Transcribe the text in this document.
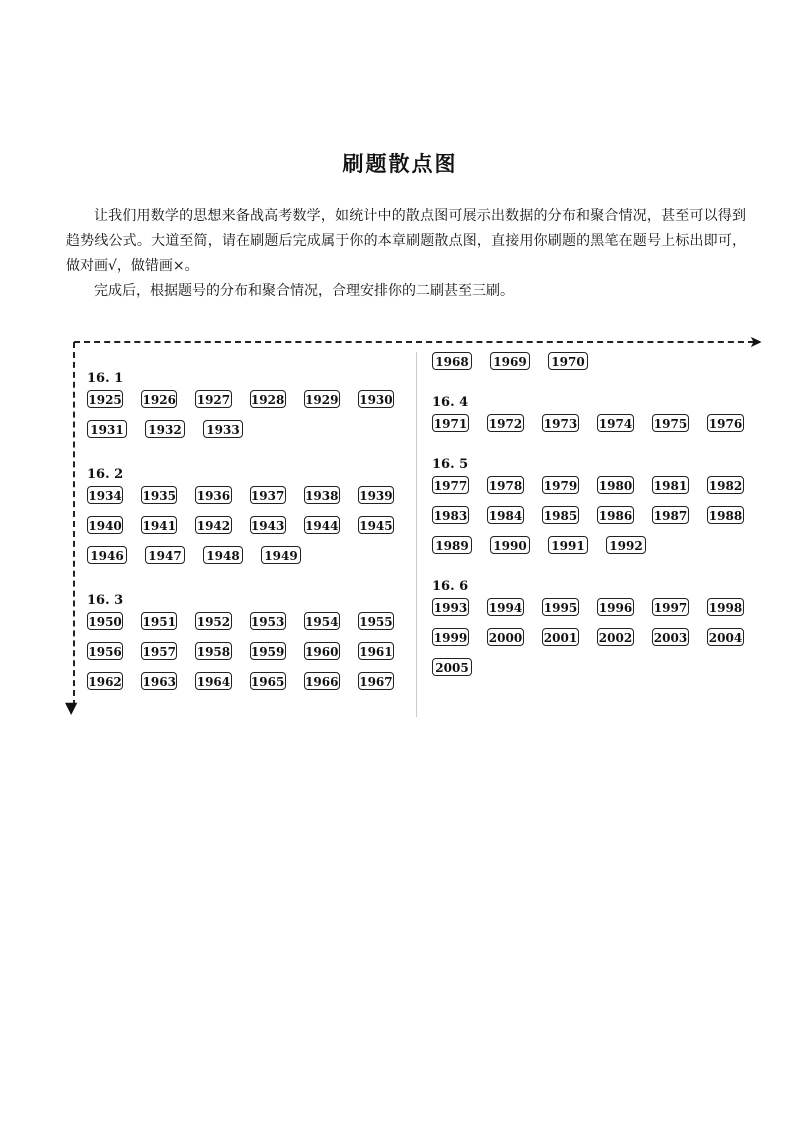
刷题散点图

让我们用数学的思想来备战高考数学，如统计中的散点图可展示出数据的分布和聚合情况，甚至可以得到趋势线公式。大道至简，请在刷题后完成属于你的本章刷题散点图，直接用你刷题的黑笔在题号上标出即可，做对画√，做错画×。

完成后，根据题号的分布和聚合情况，合理安排你的二刷甚至三刷。

➤
▼
16. 1
1925 1926 1927 1928 1929 1930
1931 1932 1933
16. 2
1934 1935 1936 1937 1938 1939
1940 1941 1942 1943 1944 1945
1946 1947 1948 1949
16. 3
1950 1951 1952 1953 1954 1955
1956 1957 1958 1959 1960 1961
1962 1963 1964 1965 1966 1967
1968 1969 1970
16. 4
1971 1972 1973 1974 1975 1976
16. 5
1977 1978 1979 1980 1981 1982
1983 1984 1985 1986 1987 1988
1989 1990 1991 1992
16. 6
1993 1994 1995 1996 1997 1998
1999 2000 2001 2002 2003 2004
2005
